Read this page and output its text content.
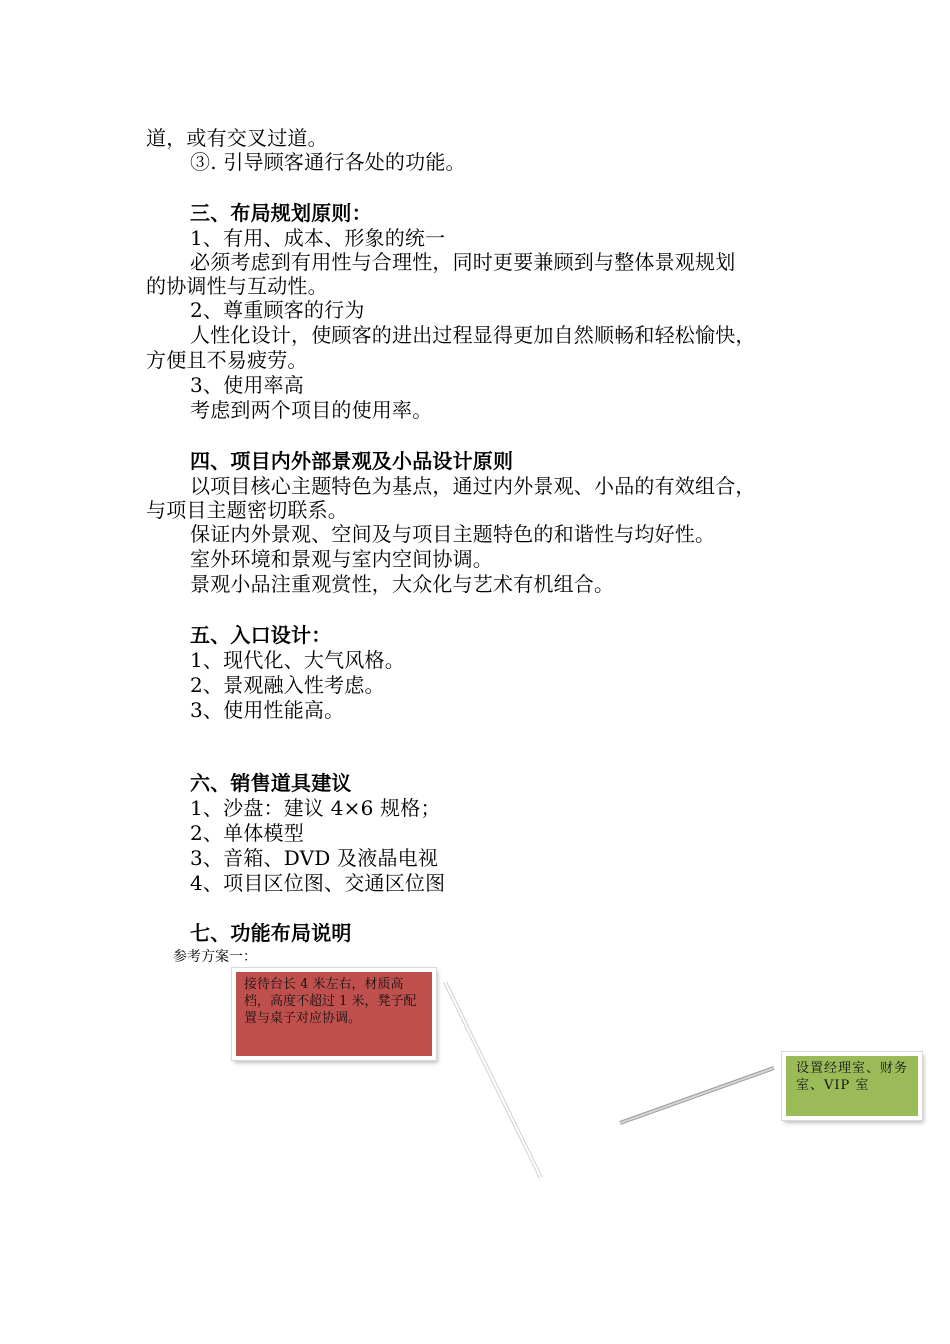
道，或有交叉过道。
③. 引导顾客通行各处的功能。
三、布局规划原则：
1、有用、成本、形象的统一
必须考虑到有用性与合理性，同时更要兼顾到与整体景观规划
的协调性与互动性。
2、尊重顾客的行为
人性化设计，使顾客的进出过程显得更加自然顺畅和轻松愉快，
方便且不易疲劳。
3、使用率高
考虑到两个项目的使用率。
四、项目内外部景观及小品设计原则
以项目核心主题特色为基点，通过内外景观、小品的有效组合，
与项目主题密切联系。
保证内外景观、空间及与项目主题特色的和谐性与均好性。
室外环境和景观与室内空间协调。
景观小品注重观赏性，大众化与艺术有机组合。
五、入口设计：
1、现代化、大气风格。
2、景观融入性考虑。
3、使用性能高。
六、销售道具建议
1、沙盘：建议 4×6 规格；
2、单体模型
3、音箱、DVD 及液晶电视
4、项目区位图、交通区位图
七、功能布局说明
参考方案一：
接待台长 4 米左右，材质高档，高度不超过 1 米，凳子配置与桌子对应协调。
设置经理室、财务室、VIP 室
